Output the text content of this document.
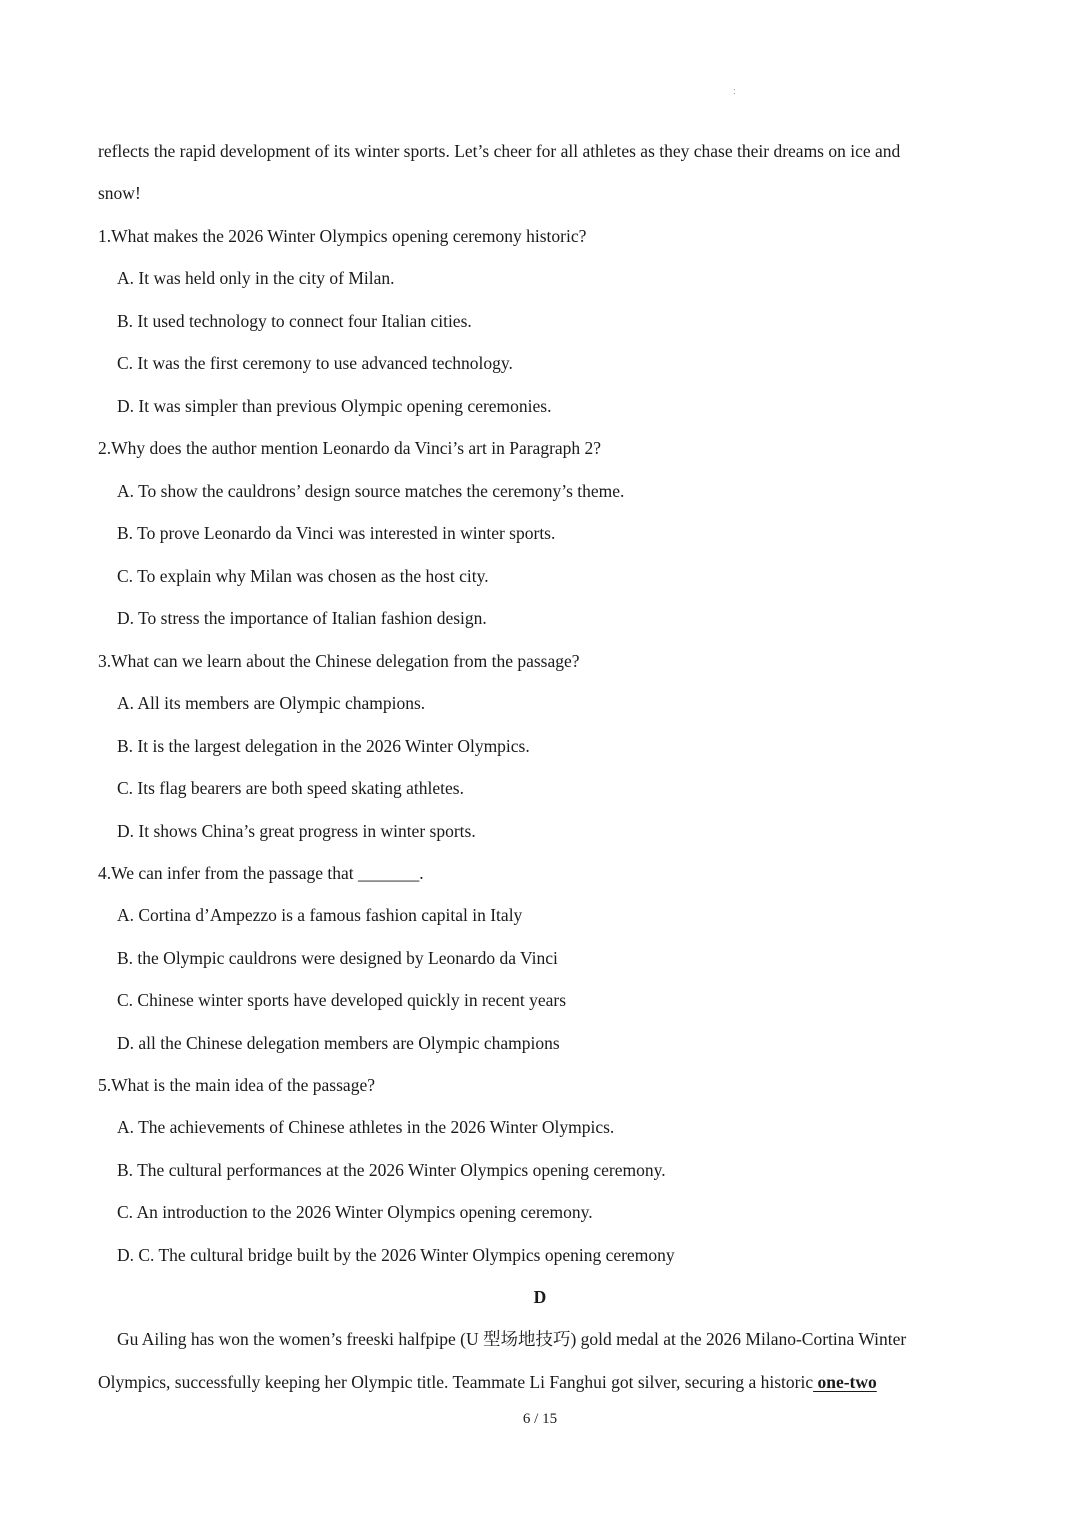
:
reflects the rapid development of its winter sports. Let’s cheer for all athletes as they chase their dreams on ice and
snow!
1.What makes the 2026 Winter Olympics opening ceremony historic?
A. It was held only in the city of Milan.
B. It used technology to connect four Italian cities.
C. It was the first ceremony to use advanced technology.
D. It was simpler than previous Olympic opening ceremonies.
2.Why does the author mention Leonardo da Vinci’s art in Paragraph 2?
A. To show the cauldrons’ design source matches the ceremony’s theme.
B. To prove Leonardo da Vinci was interested in winter sports.
C. To explain why Milan was chosen as the host city.
D. To stress the importance of Italian fashion design.
3.What can we learn about the Chinese delegation from the passage?
A. All its members are Olympic champions.
B. It is the largest delegation in the 2026 Winter Olympics.
C. Its flag bearers are both speed skating athletes.
D. It shows China’s great progress in winter sports.
4.We can infer from the passage that _______.
A. Cortina d’Ampezzo is a famous fashion capital in Italy
B. the Olympic cauldrons were designed by Leonardo da Vinci
C. Chinese winter sports have developed quickly in recent years
D. all the Chinese delegation members are Olympic champions
5.What is the main idea of the passage?
A. The achievements of Chinese athletes in the 2026 Winter Olympics.
B. The cultural performances at the 2026 Winter Olympics opening ceremony.
C. An introduction to the 2026 Winter Olympics opening ceremony.
D. C. The cultural bridge built by the 2026 Winter Olympics opening ceremony
D
Gu Ailing has won the women’s freeski halfpipe (U 型场地技巧) gold medal at the 2026 Milano-Cortina Winter
Olympics, successfully keeping her Olympic title. Teammate Li Fanghui got silver, securing a historic one-two
6 / 15
